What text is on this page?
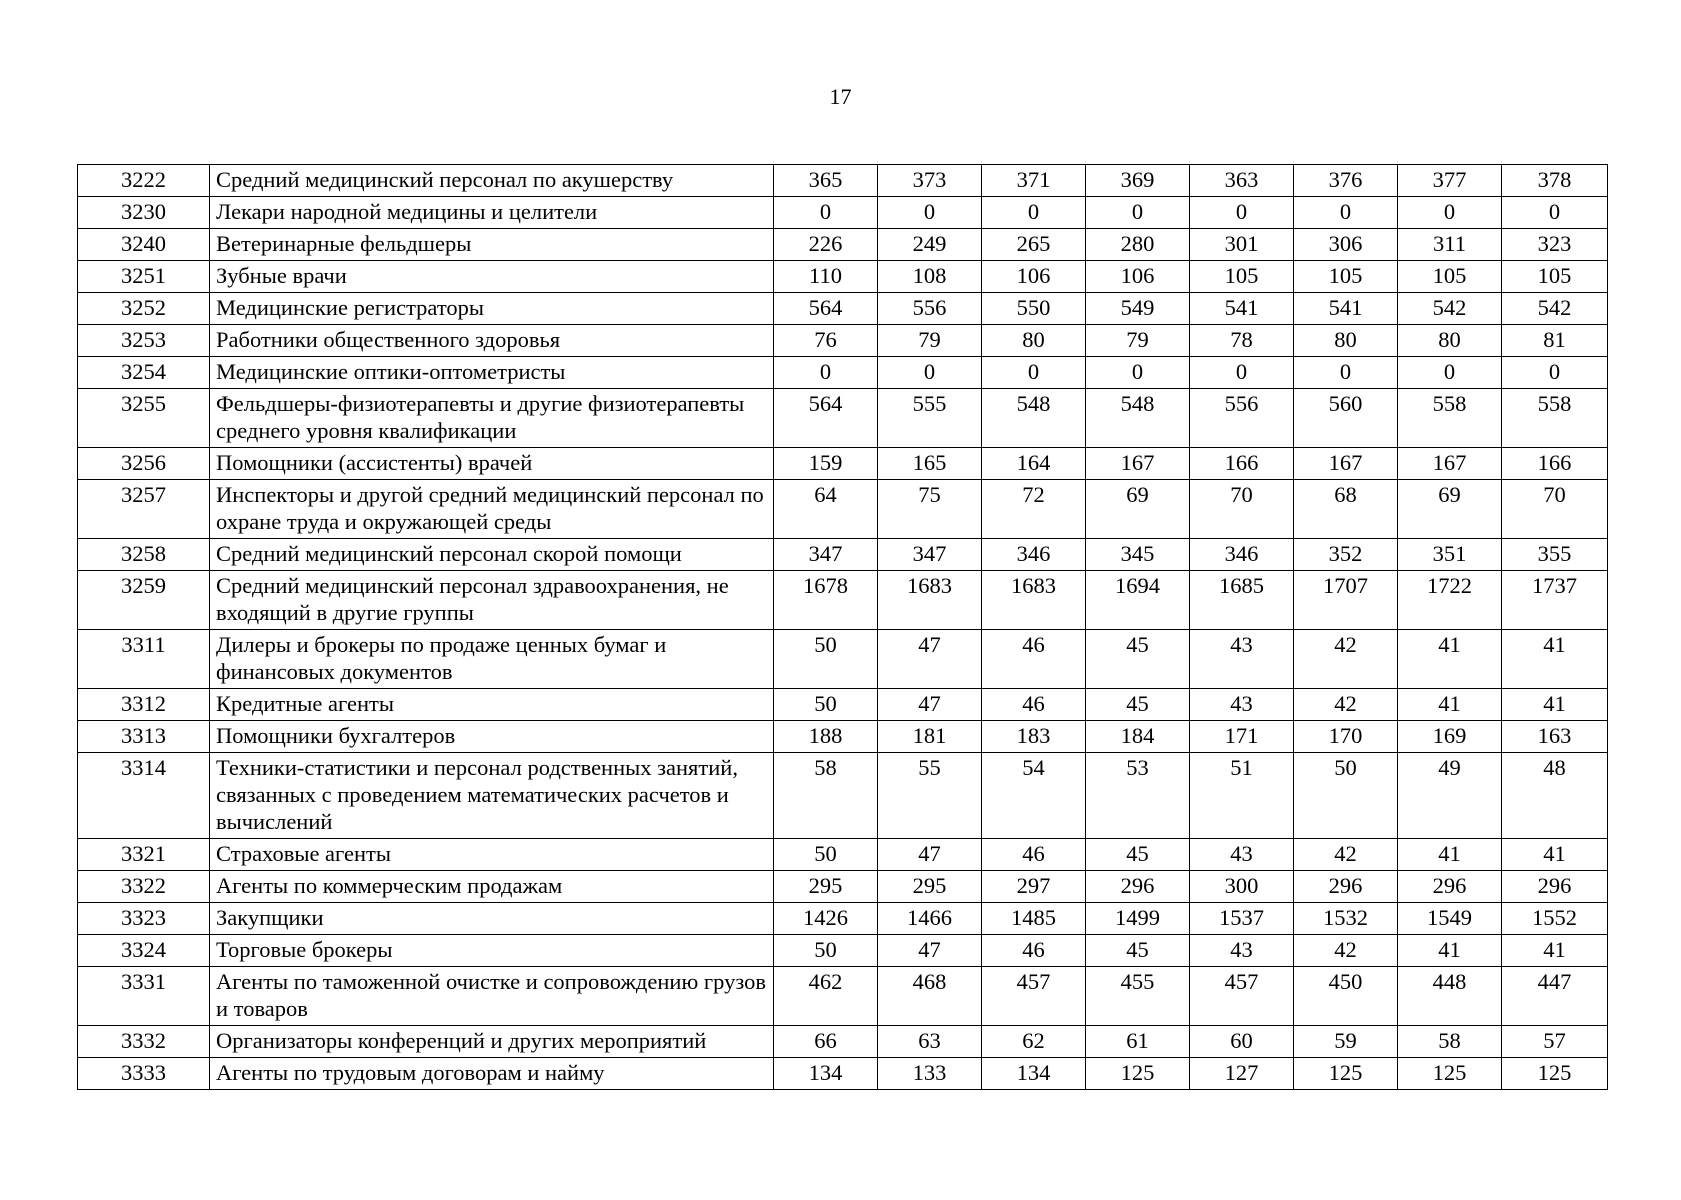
17
3222	Средний медицинский персонал по акушерству	365	373	371	369	363	376	377	378
3230	Лекари народной медицины и целители	0	0	0	0	0	0	0	0
3240	Ветеринарные фельдшеры	226	249	265	280	301	306	311	323
3251	Зубные врачи	110	108	106	106	105	105	105	105
3252	Медицинские регистраторы	564	556	550	549	541	541	542	542
3253	Работники общественного здоровья	76	79	80	79	78	80	80	81
3254	Медицинские оптики-оптометристы	0	0	0	0	0	0	0	0
3255	Фельдшеры-физиотерапевты и другие физиотерапевты среднего уровня квалификации	564	555	548	548	556	560	558	558
3256	Помощники (ассистенты) врачей	159	165	164	167	166	167	167	166
3257	Инспекторы и другой средний медицинский персонал по охране труда и окружающей среды	64	75	72	69	70	68	69	70
3258	Средний медицинский персонал скорой помощи	347	347	346	345	346	352	351	355
3259	Средний медицинский персонал здравоохранения, не входящий в другие группы	1678	1683	1683	1694	1685	1707	1722	1737
3311	Дилеры и брокеры по продаже ценных бумаг и финансовых документов	50	47	46	45	43	42	41	41
3312	Кредитные агенты	50	47	46	45	43	42	41	41
3313	Помощники бухгалтеров	188	181	183	184	171	170	169	163
3314	Техники-статистики и персонал родственных занятий, связанных с проведением математических расчетов и вычислений	58	55	54	53	51	50	49	48
3321	Страховые агенты	50	47	46	45	43	42	41	41
3322	Агенты по коммерческим продажам	295	295	297	296	300	296	296	296
3323	Закупщики	1426	1466	1485	1499	1537	1532	1549	1552
3324	Торговые брокеры	50	47	46	45	43	42	41	41
3331	Агенты по таможенной очистке и сопровождению грузов и товаров	462	468	457	455	457	450	448	447
3332	Организаторы конференций и других мероприятий	66	63	62	61	60	59	58	57
3333	Агенты по трудовым договорам и найму	134	133	134	125	127	125	125	125
